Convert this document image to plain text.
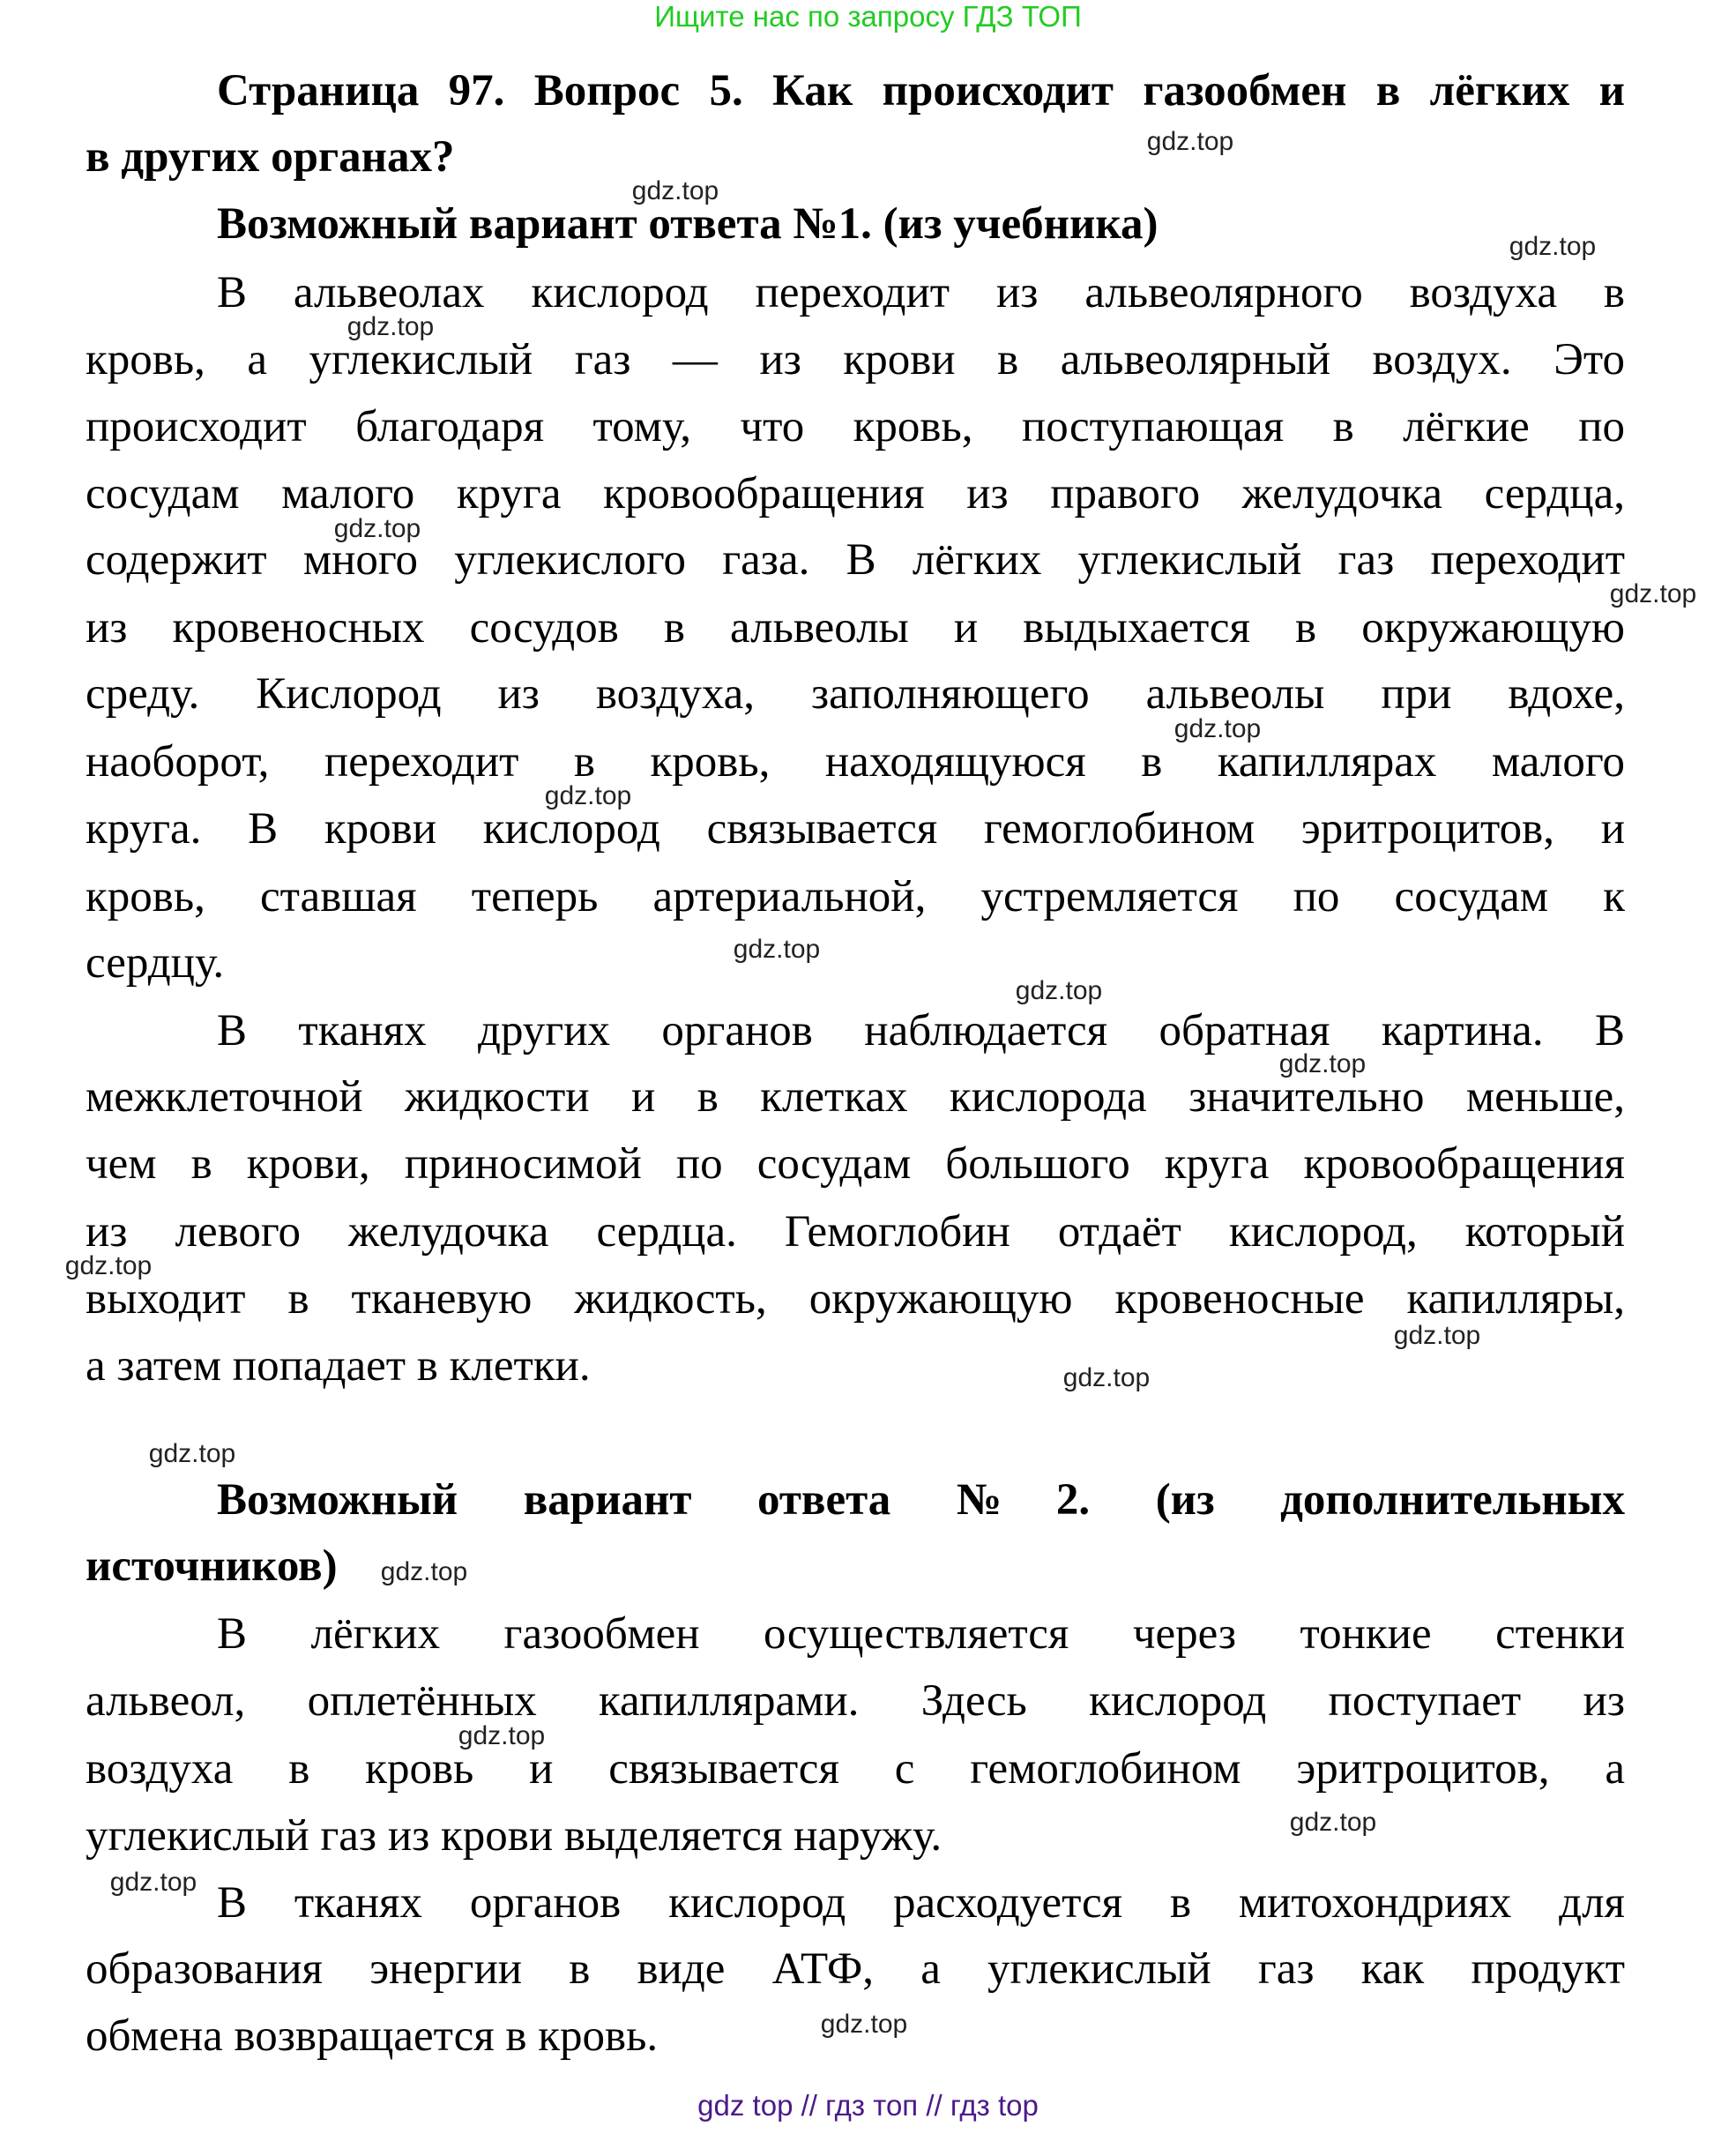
Ищите нас по запросу ГДЗ ТОП
Страница 97. Вопрос 5. Как происходит газообмен в лёгких и
в других органах?
Возможный вариант ответа №1. (из учебника)
В альвеолах кислород переходит из альвеолярного воздуха в
кровь, а углекислый газ — из крови в альвеолярный воздух. Это
происходит благодаря тому, что кровь, поступающая в лёгкие по
сосудам малого круга кровообращения из правого желудочка сердца,
содержит много углекислого газа. В лёгких углекислый газ переходит
из кровеносных сосудов в альвеолы и выдыхается в окружающую
среду. Кислород из воздуха, заполняющего альвеолы при вдохе,
наоборот, переходит в кровь, находящуюся в капиллярах малого
круга. В крови кислород связывается гемоглобином эритроцитов, и
кровь, ставшая теперь артериальной, устремляется по сосудам к
сердцу.
В тканях других органов наблюдается обратная картина. В
межклеточной жидкости и в клетках кислорода значительно меньше,
чем в крови, приносимой по сосудам большого круга кровообращения
из левого желудочка сердца. Гемоглобин отдаёт кислород, который
выходит в тканевую жидкость, окружающую кровеносные капилляры,
а затем попадает в клетки.
Возможный вариант ответа №2. (из дополнительных
источников)
В лёгких газообмен осуществляется через тонкие стенки
альвеол, оплетённых капиллярами. Здесь кислород поступает из
воздуха в кровь и связывается с гемоглобином эритроцитов, а
углекислый газ из крови выделяется наружу.
В тканях органов кислород расходуется в митохондриях для
образования энергии в виде АТФ, а углекислый газ как продукт
обмена возвращается в кровь.
gdz.top
gdz.top
gdz.top
gdz.top
gdz.top
gdz.top
gdz.top
gdz.top
gdz.top
gdz.top
gdz.top
gdz.top
gdz.top
gdz.top
gdz.top
gdz.top
gdz.top
gdz.top
gdz.top
gdz.top
gdz top // гдз топ // гдз top
